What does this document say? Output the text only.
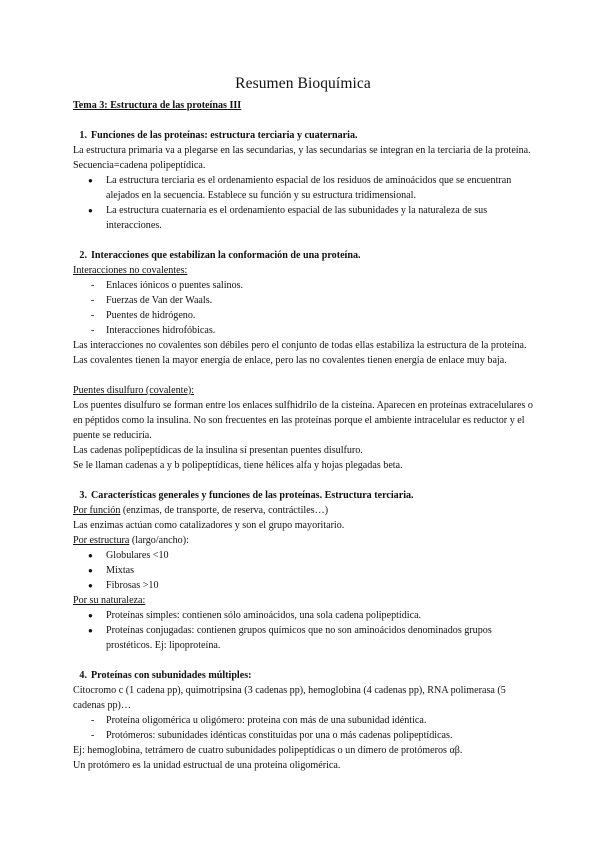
Resumen Bioquímica
Tema 3: Estructura de las proteínas III
1. Funciones de las proteínas: estructura terciaria y cuaternaria.

La estructura primaria va a plegarse en las secundarias, y las secundarias se integran en la terciaria de la proteína. Secuencia=cadena polipeptídica.

● La estructura terciaria es el ordenamiento espacial de los residuos de aminoácidos que se encuentran alejados en la secuencia. Establece su función y su estructura tridimensional.
● La estructura cuaternaria es el ordenamiento espacial de las subunidades y la naturaleza de sus interacciones.
2. Interacciones que estabilizan la conformación de una proteína.

Interacciones no covalentes:

- Enlaces iónicos o puentes salinos.
- Fuerzas de Van der Waals.
- Puentes de hidrógeno.
- Interacciones hidrofóbicas.

Las interacciones no covalentes son débiles pero el conjunto de todas ellas estabiliza la estructura de la proteína. Las covalentes tienen la mayor energía de enlace, pero las no covalentes tienen energía de enlace muy baja.

Puentes disulfuro (covalente):

Los puentes disulfuro se forman entre los enlaces sulfhidrilo de la cisteína. Aparecen en proteínas extracelulares o en péptidos como la insulina. No son frecuentes en las proteínas porque el ambiente intracelular es reductor y el puente se reduciría.

Las cadenas polipeptídicas de la insulina sí presentan puentes disulfuro.

Se le llaman cadenas a y b polipeptídicas, tiene hélices alfa y hojas plegadas beta.

3. Características generales y funciones de las proteínas. Estructura terciaria.

Por función (enzimas, de transporte, de reserva, contráctiles…)

Las enzimas actúan como catalizadores y son el grupo mayoritario.

Por estructura (largo/ancho):

● Globulares <10
● Mixtas
● Fibrosas >10

Por su naturaleza:

● Proteínas simples: contienen sólo aminoácidos, una sola cadena polipeptídica.
● Proteínas conjugadas: contienen grupos químicos que no son aminoácidos denominados grupos prostéticos. Ej: lipoproteína.
4. Proteínas con subunidades múltiples:

Citocromo c (1 cadena pp), quimotripsina (3 cadenas pp), hemoglobina (4 cadenas pp), RNA polimerasa (5 cadenas pp)…

- Proteína oligomérica u oligómero: proteína con más de una subunidad idéntica.
- Protómeros: subunidades idénticas constituidas por una o más cadenas polipeptídicas.

Ej: hemoglobina, tetrámero de cuatro subunidades polipeptídicas o un dímero de protómeros αβ.

Un protómero es la unidad estructual de una proteína oligomérica.
